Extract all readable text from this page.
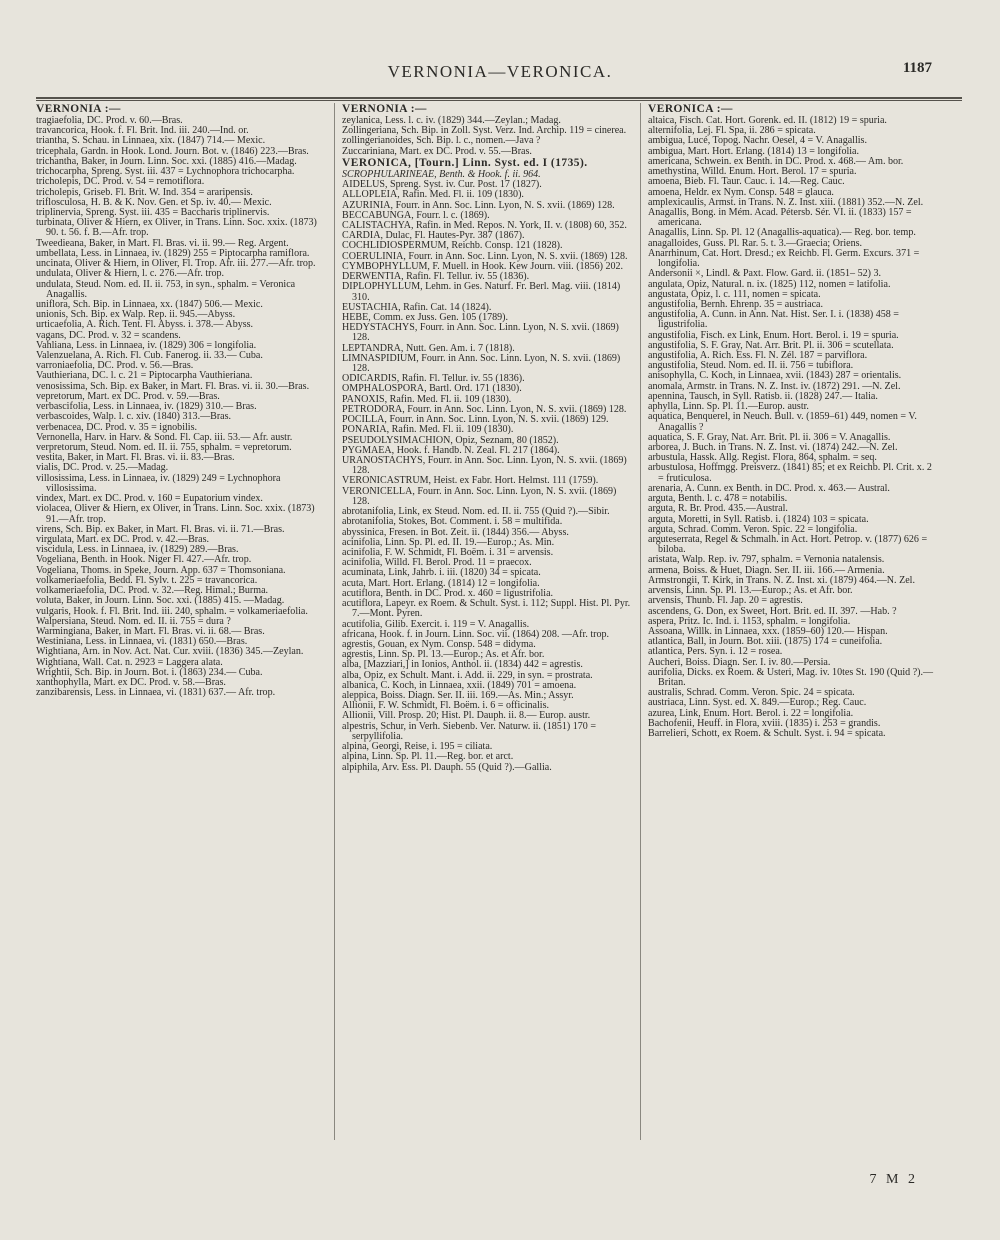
VERNONIA—VERONICA.	1187

VERNONIA :—

tragiaefolia, DC. Prod. v. 60.—Bras.

travancorica, Hook. f. Fl. Brit. Ind. iii. 240.—Ind. or.

triantha, S. Schau. in Linnaea, xix. (1847) 714.— Mexic.

tricephala, Gardn. in Hook. Lond. Journ. Bot. v. (1846) 223.—Bras.

trichantha, Baker, in Journ. Linn. Soc. xxi. (1885) 416.—Madag.

trichocarpha, Spreng. Syst. iii. 437 = Lychnophora trichocarpha.

tricholepis, DC. Prod. v. 54 = remotiflora.

tricholepis, Griseb. Fl. Brit. W. Ind. 354 = araripensis.

triflosculosa, H. B. & K. Nov. Gen. et Sp. iv. 40.— Mexic.

triplinervia, Spreng. Syst. iii. 435 = Baccharis triplinervis.

turbinata, Oliver & Hiern, ex Oliver, in Trans. Linn. Soc. xxix. (1873) 90. t. 56. f. B.—Afr. trop.

Tweedieana, Baker, in Mart. Fl. Bras. vi. ii. 99.— Reg. Argent.

umbellata, Less. in Linnaea, iv. (1829) 255 = Piptocarpha ramiflora.

uncinata, Oliver & Hiern, in Oliver, Fl. Trop. Afr. iii. 277.—Afr. trop.

undulata, Oliver & Hiern, l. c. 276.—Afr. trop.

undulata, Steud. Nom. ed. II. ii. 753, in syn., sphalm. = Veronica Anagallis.

uniflora, Sch. Bip. in Linnaea, xx. (1847) 506.— Mexic.

unionis, Sch. Bip. ex Walp. Rep. ii. 945.—Abyss.

urticaefolia, A. Rich. Tent. Fl. Abyss. i. 378.— Abyss.

vagans, DC. Prod. v. 32 = scandens.

Vahliana, Less. in Linnaea, iv. (1829) 306 = longifolia.

Valenzuelana, A. Rich. Fl. Cub. Fanerog. ii. 33.— Cuba.

varroniaefolia, DC. Prod. v. 56.—Bras.

Vauthieriana, DC. l. c. 21 = Piptocarpha Vauthieriana.

venosissima, Sch. Bip. ex Baker, in Mart. Fl. Bras. vi. ii. 30.—Bras.

vepretorum, Mart. ex DC. Prod. v. 59.—Bras.

verbascifolia, Less. in Linnaea, iv. (1829) 310.— Bras.

verbascoides, Walp. l. c. xiv. (1840) 313.—Bras.

verbenacea, DC. Prod. v. 35 = ignobilis.

Vernonella, Harv. in Harv. & Sond. Fl. Cap. iii. 53.— Afr. austr.

verpretorum, Steud. Nom. ed. II. ii. 755, sphalm. = vepretorum.

vestita, Baker, in Mart. Fl. Bras. vi. ii. 83.—Bras.

vialis, DC. Prod. v. 25.—Madag.

villosissima, Less. in Linnaea, iv. (1829) 249 = Lychnophora villosissima.

vindex, Mart. ex DC. Prod. v. 160 = Eupatorium vindex.

violacea, Oliver & Hiern, ex Oliver, in Trans. Linn. Soc. xxix. (1873) 91.—Afr. trop.

virens, Sch. Bip. ex Baker, in Mart. Fl. Bras. vi. ii. 71.—Bras.

virgulata, Mart. ex DC. Prod. v. 42.—Bras.

viscidula, Less. in Linnaea, iv. (1829) 289.—Bras.

Vogeliana, Benth. in Hook. Niger Fl. 427.—Afr. trop.

Vogeliana, Thoms. in Speke, Journ. App. 637 = Thomsoniana.

volkameriaefolia, Bedd. Fl. Sylv. t. 225 = travancorica.

volkameriaefolia, DC. Prod. v. 32.—Reg. Himal.; Burma.

voluta, Baker, in Journ. Linn. Soc. xxi. (1885) 415. —Madag.

vulgaris, Hook. f. Fl. Brit. Ind. iii. 240, sphalm. = volkameriaefolia.

Walpersiana, Steud. Nom. ed. II. ii. 755 = dura ?

Warmingiana, Baker, in Mart. Fl. Bras. vi. ii. 68.— Bras.

Westiniana, Less. in Linnaea, vi. (1831) 650.—Bras.

Wightiana, Arn. in Nov. Act. Nat. Cur. xviii. (1836) 345.—Zeylan.

Wightiana, Wall. Cat. n. 2923 = Laggera alata.

Wrightii, Sch. Bip. in Journ. Bot. i. (1863) 234.— Cuba.

xanthophylla, Mart. ex DC. Prod. v. 58.—Bras.

zanzibarensis, Less. in Linnaea, vi. (1831) 637.— Afr. trop.

VERNONIA :—

zeylanica, Less. l. c. iv. (1829) 344.—Zeylan.; Madag.

Zollingeriana, Sch. Bip. in Zoll. Syst. Verz. Ind. Archip. 119 = cinerea.

zollingerianoides, Sch. Bip. l. c., nomen.—Java ?

Zuccariniana, Mart. ex DC. Prod. v. 55.—Bras.

VERONICA, [Tourn.] Linn. Syst. ed. I (1735).

SCROPHULARINEAE, Benth. & Hook. f. ii. 964.

AIDELUS, Spreng. Syst. iv. Cur. Post. 17 (1827).

ALLOPLEIA, Rafin. Med. Fl. ii. 109 (1830).

AZURINIA, Fourr. in Ann. Soc. Linn. Lyon, N. S. xvii. (1869) 128.

BECCABUNGA, Fourr. l. c. (1869).

CALISTACHYA, Rafin. in Med. Repos. N. York, II. v. (1808) 60, 352.

CARDIA, Dulac, Fl. Hautes-Pyr. 387 (1867).

COCHLIDIOSPERMUM, Reichb. Consp. 121 (1828).

COERULINIA, Fourr. in Ann. Soc. Linn. Lyon, N. S. xvii. (1869) 128.

CYMBOPHYLLUM, F. Muell. in Hook. Kew Journ. viii. (1856) 202.

DERWENTIA, Rafin. Fl. Tellur. iv. 55 (1836).

DIPLOPHYLLUM, Lehm. in Ges. Naturf. Fr. Berl. Mag. viii. (1814) 310.

EUSTACHIA, Rafin. Cat. 14 (1824).

HEBE, Comm. ex Juss. Gen. 105 (1789).

HEDYSTACHYS, Fourr. in Ann. Soc. Linn. Lyon, N. S. xvii. (1869) 128.

LEPTANDRA, Nutt. Gen. Am. i. 7 (1818).

LIMNASPIDIUM, Fourr. in Ann. Soc. Linn. Lyon, N. S. xvii. (1869) 128.

ODICARDIS, Rafin. Fl. Tellur. iv. 55 (1836).

OMPHALOSPORA, Bartl. Ord. 171 (1830).

PANOXIS, Rafin. Med. Fl. ii. 109 (1830).

PETRODORA, Fourr. in Ann. Soc. Linn. Lyon, N. S. xvii. (1869) 128.

POCILLA, Fourr. in Ann. Soc. Linn. Lyon, N. S. xvii. (1869) 129.

PONARIA, Rafin. Med. Fl. ii. 109 (1830).

PSEUDOLYSIMACHION, Opiz, Seznam, 80 (1852).

PYGMAEA, Hook. f. Handb. N. Zeal. Fl. 217 (1864).

URANOSTACHYS, Fourr. in Ann. Soc. Linn. Lyon, N. S. xvii. (1869) 128.

VERONICASTRUM, Heist. ex Fabr. Hort. Helmst. 111 (1759).

VERONICELLA, Fourr. in Ann. Soc. Linn. Lyon, N. S. xvii. (1869) 128.

abrotanifolia, Link, ex Steud. Nom. ed. II. ii. 755 (Quid ?).—Sibir.

abrotanifolia, Stokes, Bot. Comment. i. 58 = multifida.

abyssinica, Fresen. in Bot. Zeit. ii. (1844) 356.— Abyss.

acinifolia, Linn. Sp. Pl. ed. II. 19.—Europ.; As. Min.

acinifolia, F. W. Schmidt, Fl. Boëm. i. 31 = arvensis.

acinifolia, Willd. Fl. Berol. Prod. 11 = praecox.

acuminata, Link, Jahrb. i. iii. (1820) 34 = spicata.

acuta, Mart. Hort. Erlang. (1814) 12 = longifolia.

acutiflora, Benth. in DC. Prod. x. 460 = ligustrifolia.

acutiflora, Lapeyr. ex Roem. & Schult. Syst. i. 112; Suppl. Hist. Pl. Pyr. 7.—Mont. Pyren.

acutifolia, Gilib. Exercit. i. 119 = V. Anagallis.

africana, Hook. f. in Journ. Linn. Soc. vii. (1864) 208. —Afr. trop.

agrestis, Gouan, ex Nym. Consp. 548 = didyma.

agrestis, Linn. Sp. Pl. 13.—Europ.; As. et Afr. bor.

alba, [Mazziari,] in Ionios, Anthol. ii. (1834) 442 = agrestis.

alba, Opiz, ex Schult. Mant. i. Add. ii. 229, in syn. = prostrata.

albanica, C. Koch, in Linnaea, xxii. (1849) 701 = amoena.

aleppica, Boiss. Diagn. Ser. II. iii. 169.—As. Min.; Assyr.

Allionii, F. W. Schmidt, Fl. Boëm. i. 6 = officinalis.

Allionii, Vill. Prosp. 20; Hist. Pl. Dauph. ii. 8.— Europ. austr.

alpestris, Schur, in Verh. Siebenb. Ver. Naturw. ii. (1851) 170 = serpyllifolia.

alpina, Georgi, Reise, i. 195 = ciliata.

alpina, Linn. Sp. Pl. 11.—Reg. bor. et arct.

alpiphila, Arv. Ess. Pl. Dauph. 55 (Quid ?).—Gallia.

VERONICA :—

altaica, Fisch. Cat. Hort. Gorenk. ed. II. (1812) 19 = spuria.

alternifolia, Lej. Fl. Spa, ii. 286 = spicata.

ambigua, Lucé, Topog. Nachr. Oesel, 4 = V. Anagallis.

ambigua, Mart. Hort. Erlang. (1814) 13 = longifolia.

americana, Schwein. ex Benth. in DC. Prod. x. 468.— Am. bor.

amethystina, Willd. Enum. Hort. Berol. 17 = spuria.

amoena, Bieb. Fl. Taur. Cauc. i. 14.—Reg. Cauc.

amoena, Heldr. ex Nym. Consp. 548 = glauca.

amplexicaulis, Armst. in Trans. N. Z. Inst. xiii. (1881) 352.—N. Zel.

Anagallis, Bong. in Mém. Acad. Pétersb. Sér. VI. ii. (1833) 157 = americana.

Anagallis, Linn. Sp. Pl. 12 (Anagallis-aquatica).— Reg. bor. temp.

anagalloides, Guss. Pl. Rar. 5. t. 3.—Graecia; Oriens.

Anarrhinum, Cat. Hort. Dresd.; ex Reichb. Fl. Germ. Excurs. 371 = longifolia.

Andersonii ×, Lindl. & Paxt. Flow. Gard. ii. (1851– 52) 3.

angulata, Opiz, Natural. n. ix. (1825) 112, nomen = latifolia.

angustata, Opiz, l. c. 111, nomen = spicata.

angustifolia, Bernh. Ehrenp. 35 = austriaca.

angustifolia, A. Cunn. in Ann. Nat. Hist. Ser. I. i. (1838) 458 = ligustrifolia.

angustifolia, Fisch. ex Link, Enum. Hort. Berol. i. 19 = spuria.

angustifolia, S. F. Gray, Nat. Arr. Brit. Pl. ii. 306 = scutellata.

angustifolia, A. Rich. Ess. Fl. N. Zél. 187 = parviflora.

angustifolia, Steud. Nom. ed. II. ii. 756 = tubiflora.

anisophylla, C. Koch, in Linnaea, xvii. (1843) 287 = orientalis.

anomala, Armstr. in Trans. N. Z. Inst. iv. (1872) 291. —N. Zel.

apennina, Tausch, in Syll. Ratisb. ii. (1828) 247.— Italia.

aphylla, Linn. Sp. Pl. 11.—Europ. austr.

aquatica, Benquerel, in Neuch. Bull. v. (1859–61) 449, nomen = V. Anagallis ?

aquatica, S. F. Gray, Nat. Arr. Brit. Pl. ii. 306 = V. Anagallis.

arborea, J. Buch. in Trans. N. Z. Inst. vi. (1874) 242.—N. Zel.

arbustula, Hassk. Allg. Regist. Flora, 864, sphalm. = seq.

arbustulosa, Hoffmgg. Preisverz. (1841) 85; et ex Reichb. Pl. Crit. x. 2 = fruticulosa.

arenaria, A. Cunn. ex Benth. in DC. Prod. x. 463.— Austral.

arguta, Benth. l. c. 478 = notabilis.

arguta, R. Br. Prod. 435.—Austral.

arguta, Moretti, in Syll. Ratisb. i. (1824) 103 = spicata.

arguta, Schrad. Comm. Veron. Spic. 22 = longifolia.

arguteserrata, Regel & Schmalh. in Act. Hort. Petrop. v. (1877) 626 = biloba.

aristata, Walp. Rep. iv. 797, sphalm. = Vernonia natalensis.

armena, Boiss. & Huet, Diagn. Ser. II. iii. 166.— Armenia.

Armstrongii, T. Kirk, in Trans. N. Z. Inst. xi. (1879) 464.—N. Zel.

arvensis, Linn. Sp. Pl. 13.—Europ.; As. et Afr. bor.

arvensis, Thunb. Fl. Jap. 20 = agrestis.

ascendens, G. Don, ex Sweet, Hort. Brit. ed. II. 397. —Hab. ?

aspera, Pritz. Ic. Ind. i. 1153, sphalm. = longifolia.

Assoana, Willk. in Linnaea, xxx. (1859–60) 120.— Hispan.

atlantica, Ball, in Journ. Bot. xiii. (1875) 174 = cuneifolia.

atlantica, Pers. Syn. i. 12 = rosea.

Aucheri, Boiss. Diagn. Ser. I. iv. 80.—Persia.

aurifolia, Dicks. ex Roem. & Usteri, Mag. iv. 10tes St. 190 (Quid ?).—Britan.

australis, Schrad. Comm. Veron. Spic. 24 = spicata.

austriaca, Linn. Syst. ed. X. 849.—Europ.; Reg. Cauc.

azurea, Link, Enum. Hort. Berol. i. 22 = longifolia.

Bachofenii, Heuff. in Flora, xviii. (1835) i. 253 = grandis.

Barrelieri, Schott, ex Roem. & Schult. Syst. i. 94 = spicata.

7 M 2
